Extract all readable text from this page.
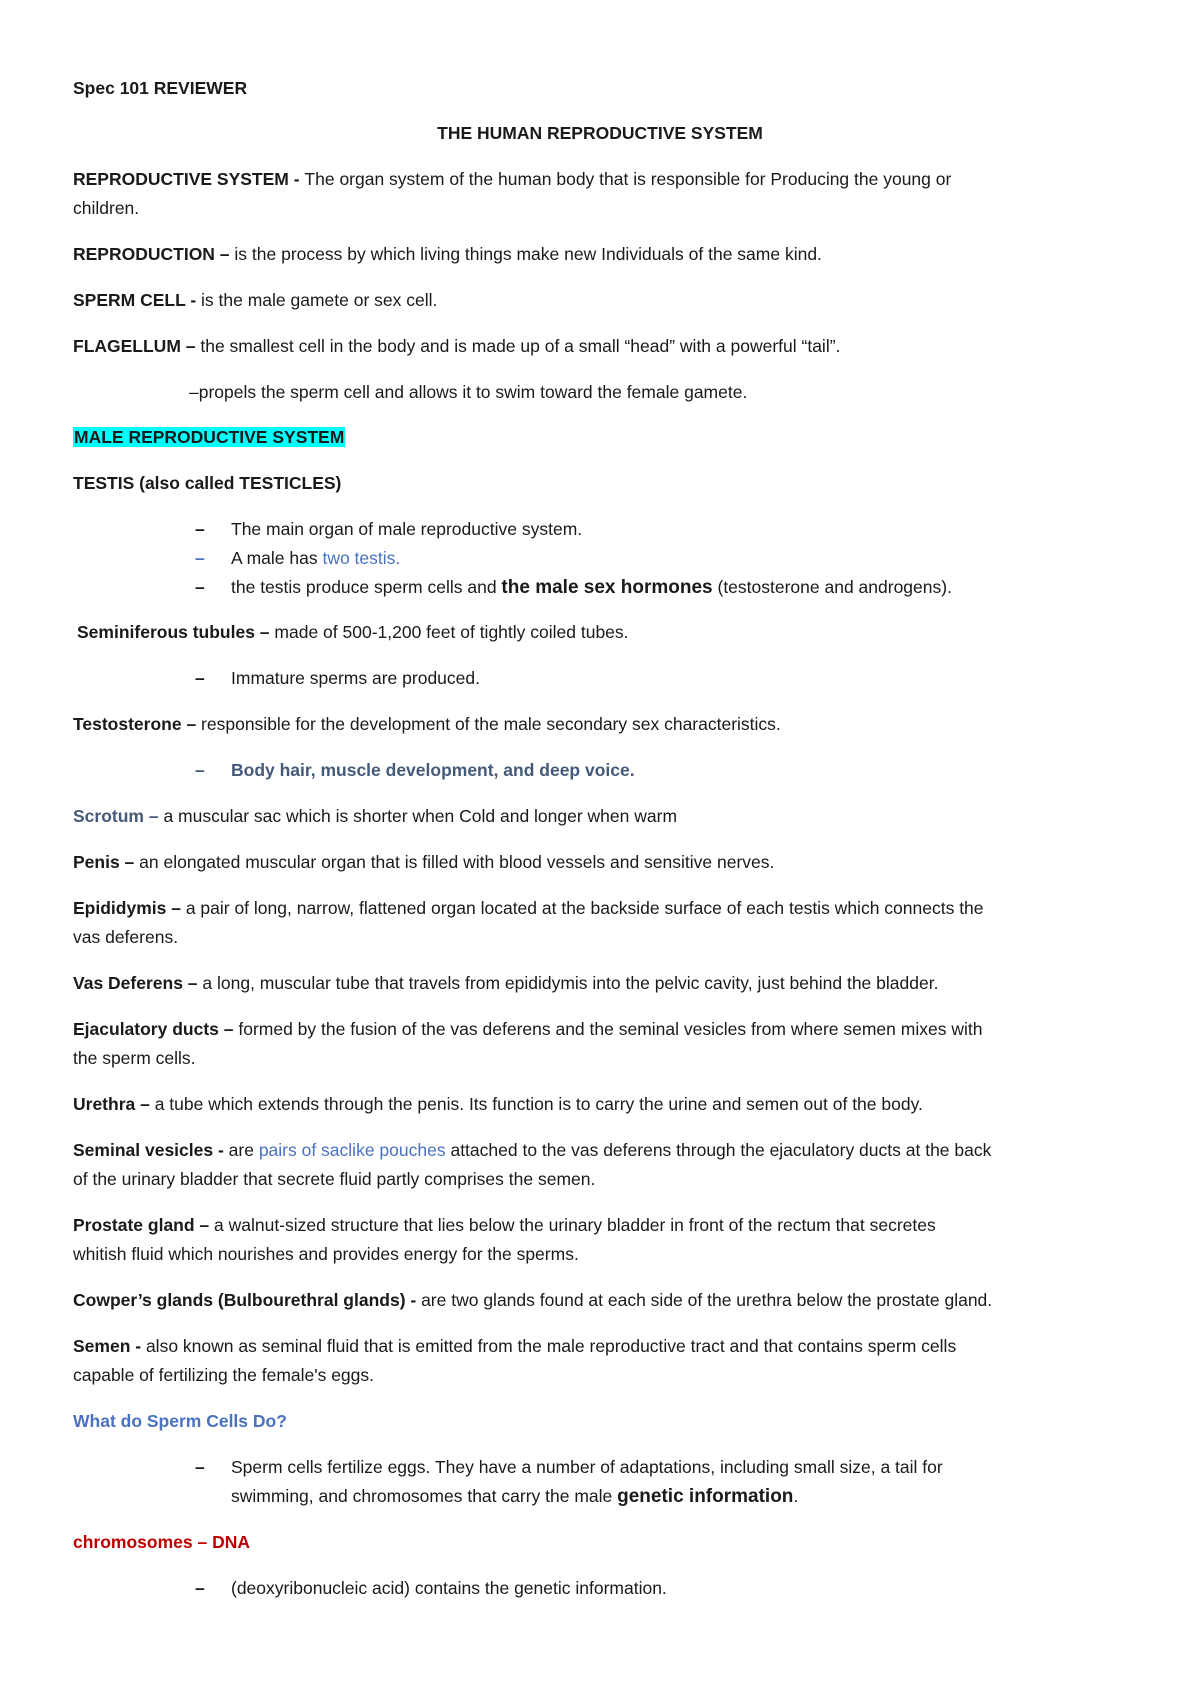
Spec 101 REVIEWER
THE HUMAN REPRODUCTIVE SYSTEM
REPRODUCTIVE SYSTEM - The organ system of the human body that is responsible for Producing the young or
children.
REPRODUCTION – is the process by which living things make new Individuals of the same kind.
SPERM CELL - is the male gamete or sex cell.
FLAGELLUM – the smallest cell in the body and is made up of a small “head” with a powerful “tail”.
–propels the sperm cell and allows it to swim toward the female gamete.
MALE REPRODUCTIVE SYSTEM
TESTIS (also called TESTICLES)
– The main organ of male reproductive system.
– A male has two testis.
– the testis produce sperm cells and the male sex hormones (testosterone and androgens).
Seminiferous tubules – made of 500-1,200 feet of tightly coiled tubes.
– Immature sperms are produced.
Testosterone – responsible for the development of the male secondary sex characteristics.
– Body hair, muscle development, and deep voice.
Scrotum – a muscular sac which is shorter when Cold and longer when warm
Penis – an elongated muscular organ that is filled with blood vessels and sensitive nerves.
Epididymis – a pair of long, narrow, flattened organ located at the backside surface of each testis which connects the
vas deferens.
Vas Deferens – a long, muscular tube that travels from epididymis into the pelvic cavity, just behind the bladder.
Ejaculatory ducts – formed by the fusion of the vas deferens and the seminal vesicles from where semen mixes with
the sperm cells.
Urethra – a tube which extends through the penis. Its function is to carry the urine and semen out of the body.
Seminal vesicles - are pairs of saclike pouches attached to the vas deferens through the ejaculatory ducts at the back
of the urinary bladder that secrete fluid partly comprises the semen.
Prostate gland – a walnut-sized structure that lies below the urinary bladder in front of the rectum that secretes
whitish fluid which nourishes and provides energy for the sperms.
Cowper’s glands (Bulbourethral glands) - are two glands found at each side of the urethra below the prostate gland.
Semen - also known as seminal fluid that is emitted from the male reproductive tract and that contains sperm cells
capable of fertilizing the female's eggs.
What do Sperm Cells Do?
– Sperm cells fertilize eggs. They have a number of adaptations, including small size, a tail for
swimming, and chromosomes that carry the male genetic information.
chromosomes – DNA
– (deoxyribonucleic acid) contains the genetic information.
